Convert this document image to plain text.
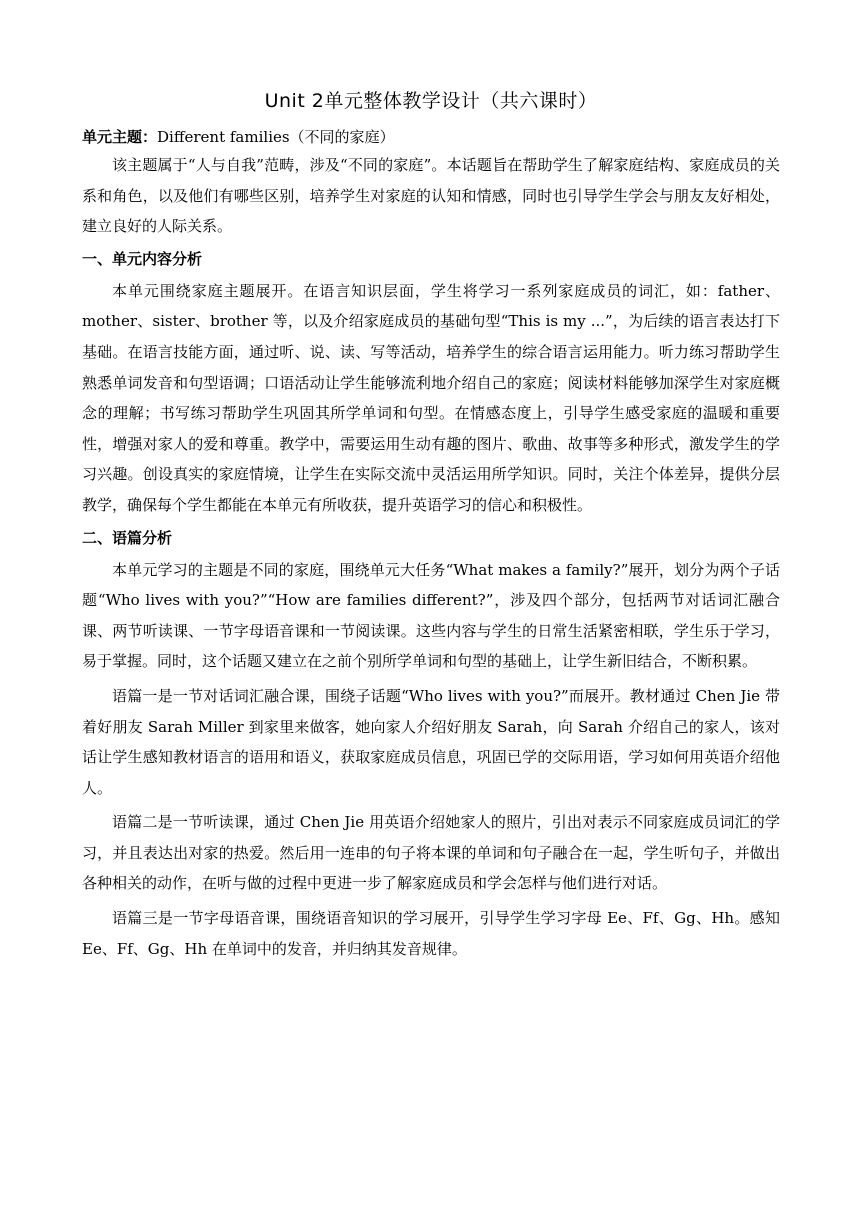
Unit 2单元整体教学设计（共六课时）

单元主题：Different families（不同的家庭）

该主题属于“人与自我”范畴，涉及“不同的家庭”。本话题旨在帮助学生了解家庭结构、家庭成员的关系和角色，以及他们有哪些区别，培养学生对家庭的认知和情感，同时也引导学生学会与朋友友好相处，建立良好的人际关系。

一、单元内容分析

本单元围绕家庭主题展开。在语言知识层面，学生将学习一系列家庭成员的词汇，如：father、mother、sister、brother 等，以及介绍家庭成员的基础句型“This is my ...”，为后续的语言表达打下基础。在语言技能方面，通过听、说、读、写等活动，培养学生的综合语言运用能力。听力练习帮助学生熟悉单词发音和句型语调；口语活动让学生能够流利地介绍自己的家庭；阅读材料能够加深学生对家庭概念的理解；书写练习帮助学生巩固其所学单词和句型。在情感态度上，引导学生感受家庭的温暖和重要性，增强对家人的爱和尊重。教学中，需要运用生动有趣的图片、歌曲、故事等多种形式，激发学生的学习兴趣。创设真实的家庭情境，让学生在实际交流中灵活运用所学知识。同时，关注个体差异，提供分层教学，确保每个学生都能在本单元有所收获，提升英语学习的信心和积极性。

二、语篇分析

本单元学习的主题是不同的家庭，围绕单元大任务“What makes a family?”展开，划分为两个子话题“Who lives with you?”“How are families different?”，涉及四个部分，包括两节对话词汇融合课、两节听读课、一节字母语音课和一节阅读课。这些内容与学生的日常生活紧密相联，学生乐于学习，易于掌握。同时，这个话题又建立在之前个别所学单词和句型的基础上，让学生新旧结合，不断积累。

语篇一是一节对话词汇融合课，围绕子话题“Who lives with you?”而展开。教材通过 Chen Jie 带着好朋友 Sarah Miller 到家里来做客，她向家人介绍好朋友 Sarah，向 Sarah 介绍自己的家人，该对话让学生感知教材语言的语用和语义，获取家庭成员信息，巩固已学的交际用语，学习如何用英语介绍他人。

语篇二是一节听读课，通过 Chen Jie 用英语介绍她家人的照片，引出对表示不同家庭成员词汇的学习，并且表达出对家的热爱。然后用一连串的句子将本课的单词和句子融合在一起，学生听句子，并做出各种相关的动作，在听与做的过程中更进一步了解家庭成员和学会怎样与他们进行对话。

语篇三是一节字母语音课，围绕语音知识的学习展开，引导学生学习字母 Ee、Ff、Gg、Hh。感知 Ee、Ff、Gg、Hh 在单词中的发音，并归纳其发音规律。
